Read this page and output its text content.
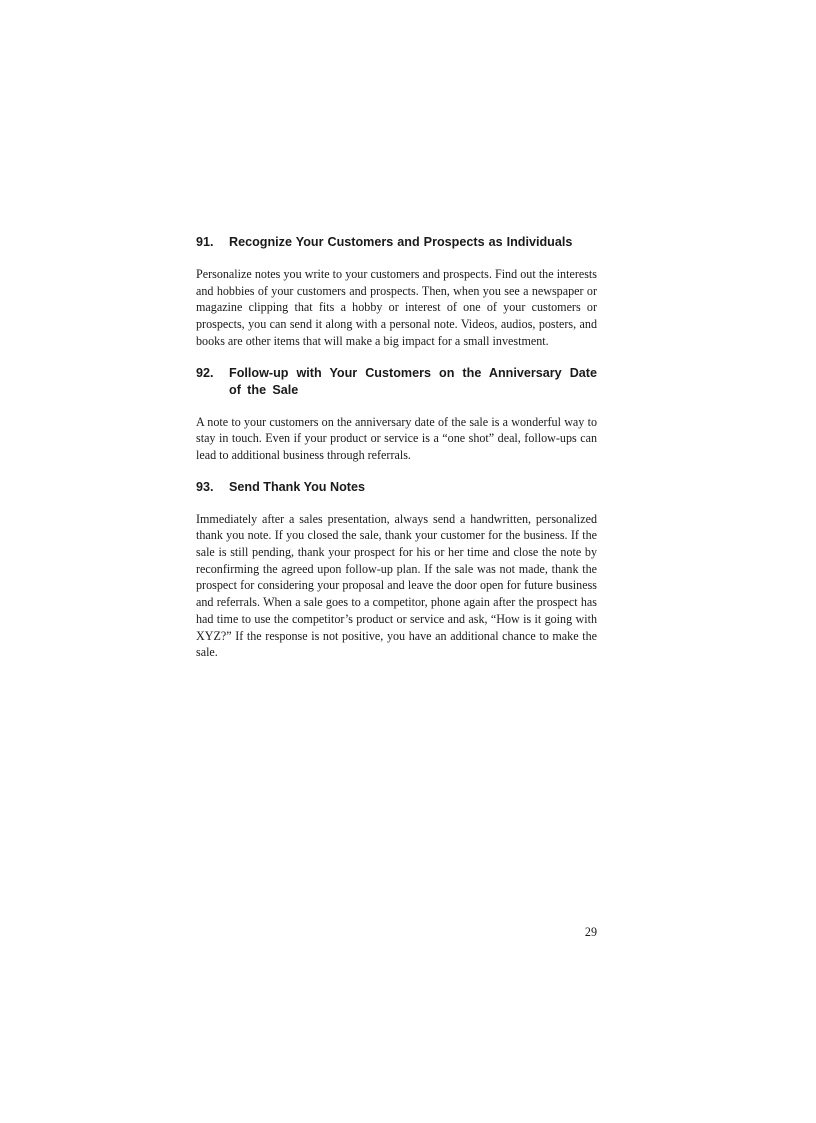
91.	Recognize Your Customers and Prospects as Individuals

Personalize notes you write to your customers and prospects. Find out the interests and hobbies of your customers and prospects. Then, when you see a newspaper or magazine clipping that fits a hobby or interest of one of your customers or prospects, you can send it along with a personal note. Videos, audios, posters, and books are other items that will make a big impact for a small investment.

92.	Follow-up with Your Customers on the Anniversary Date of the Sale

A note to your customers on the anniversary date of the sale is a wonderful way to stay in touch. Even if your product or service is a “one shot” deal, follow-ups can lead to additional business through referrals.

93.	Send Thank You Notes

Immediately after a sales presentation, always send a handwritten, personalized thank you note. If you closed the sale, thank your customer for the business. If the sale is still pending, thank your prospect for his or her time and close the note by reconfirming the agreed upon follow-up plan. If the sale was not made, thank the prospect for considering your proposal and leave the door open for future business and referrals. When a sale goes to a competitor, phone again after the prospect has had time to use the competitor’s product or service and ask, “How is it going with XYZ?” If the response is not positive, you have an additional chance to make the sale.

29
